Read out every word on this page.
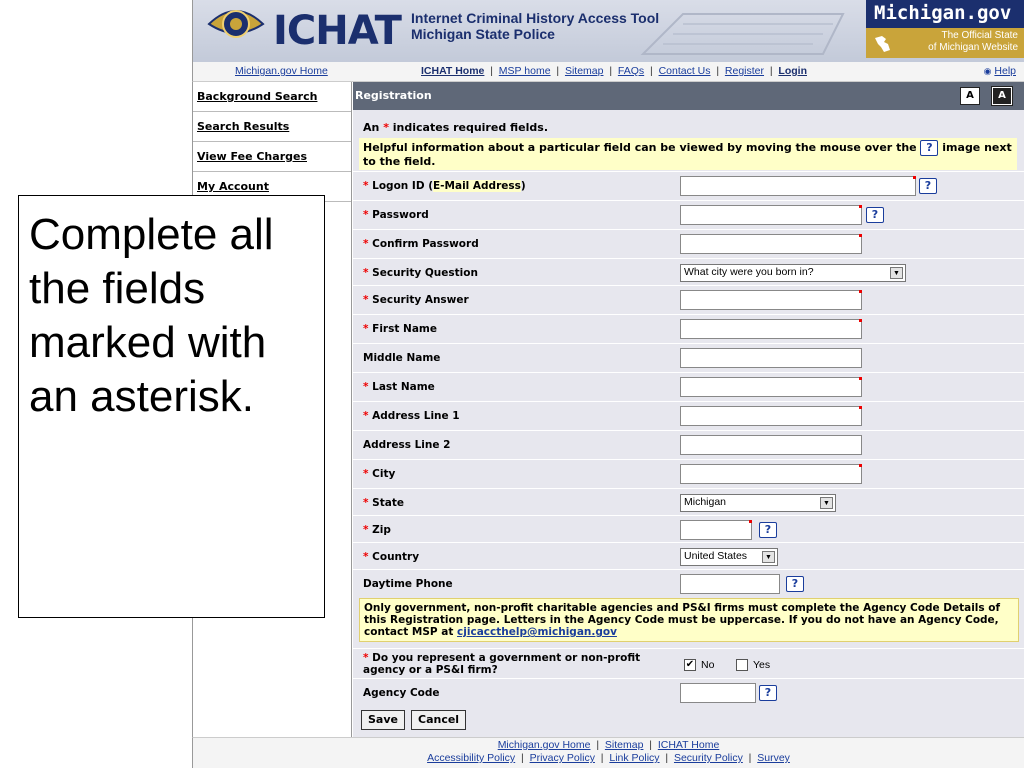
ICHAT Internet Criminal History Access Tool
Michigan State Police
Michigan.gov
The Official State
of Michigan Website
Michigan.gov Home	ICHAT Home  |  MSP home  |  Sitemap  |  FAQs  |  Contact Us  |  Register  |  Login	◉ Help
Background Search
Search Results
View Fee Charges
My Account
Registration	A	A
An * indicates required fields.
Helpful information about a particular field can be viewed by moving the mouse over the ? image next to the field.
* Logon ID (E-Mail Address)	?
* Password	?
* Confirm Password
* Security Question	What city were you born in?	▼
* Security Answer
* First Name
Middle Name
* Last Name
* Address Line 1
Address Line 2
* City
* State	Michigan	▼
* Zip	?
* Country	United States	▼
Daytime Phone	?
Only government, non-profit charitable agencies and PS&I firms must complete the Agency Code Details of this Registration page. Letters in the Agency Code must be uppercase. If you do not have an Agency Code, contact MSP at cjicaccthelp@michigan.gov
* Do you represent a government or non-profit
agency or a PS&I firm?	✔ No	Yes
Agency Code	?
Save	Cancel
Michigan.gov Home  |  Sitemap  |  ICHAT Home
Accessibility Policy  |  Privacy Policy  |  Link Policy  |  Security Policy  |  Survey
Complete all the fields marked with an asterisk.
